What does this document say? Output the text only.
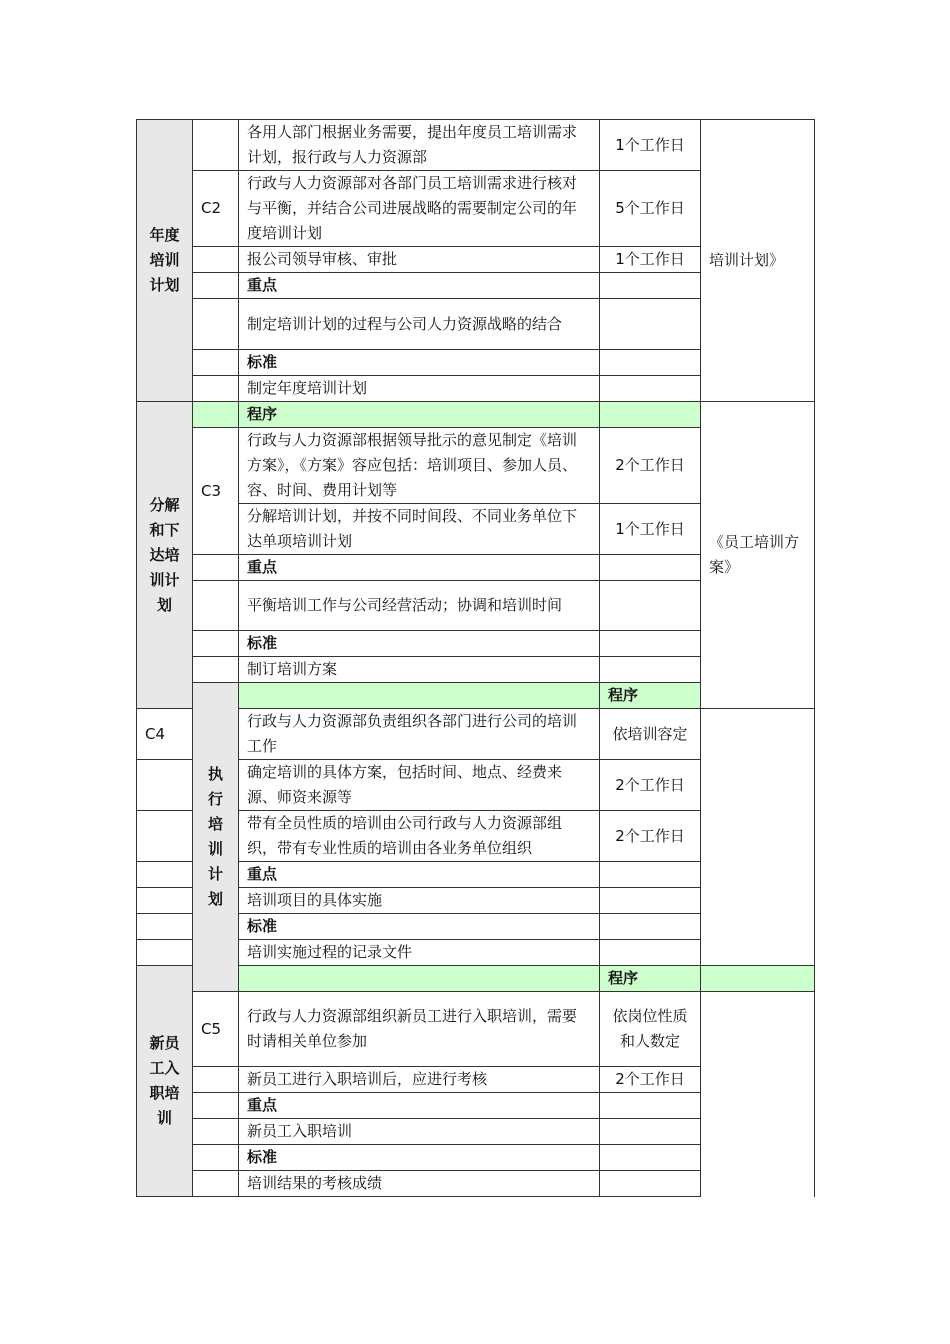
年度培训计划		各用人部门根据业务需要，提出年度员工培训需求计划，报行政与人力资源部	1个工作日	培训计划》	
	C2	行政与人力资源部对各部门员工培训需求进行核对与平衡，并结合公司进展战略的需要制定公司的年度培训计划	5个工作日		
		报公司领导审核、审批	1个工作日		
		重点			
		制定培训计划的过程与公司人力资源战略的结合			
		标准			
		制定年度培训计划			
分解和下达培训计划		程序		《员工培训方案》	
	C3	行政与人力资源部根据领导批示的意见制定《培训方案》，《方案》容应包括：培训项目、参加人员、容、时间、费用计划等	2个工作日		
		分解培训计划，并按不同时间段、不同业务单位下达单项培训计划	1个工作日		
		重点			
		平衡培训工作与公司经营活动；协调和培训时间			
		标准			
		制订培训方案			
	执行培训计划		程序		
C4		行政与人力资源部负责组织各部门进行公司的培训工作	依培训容定		
		确定培训的具体方案，包括时间、地点、经费来源、师资来源等	2个工作日		
		带有全员性质的培训由公司行政与人力资源部组织，带有专业性质的培训由各业务单位组织	2个工作日		
		重点			
		培训项目的具体实施			
		标准			
		培训实施过程的记录文件			
新员工入职培训			程序		
	C5	行政与人力资源部组织新员工进行入职培训，需要时请相关单位参加	依岗位性质和人数定		
		新员工进行入职培训后，应进行考核	2个工作日		
		重点			
		新员工入职培训			
		标准			
		培训结果的考核成绩			
